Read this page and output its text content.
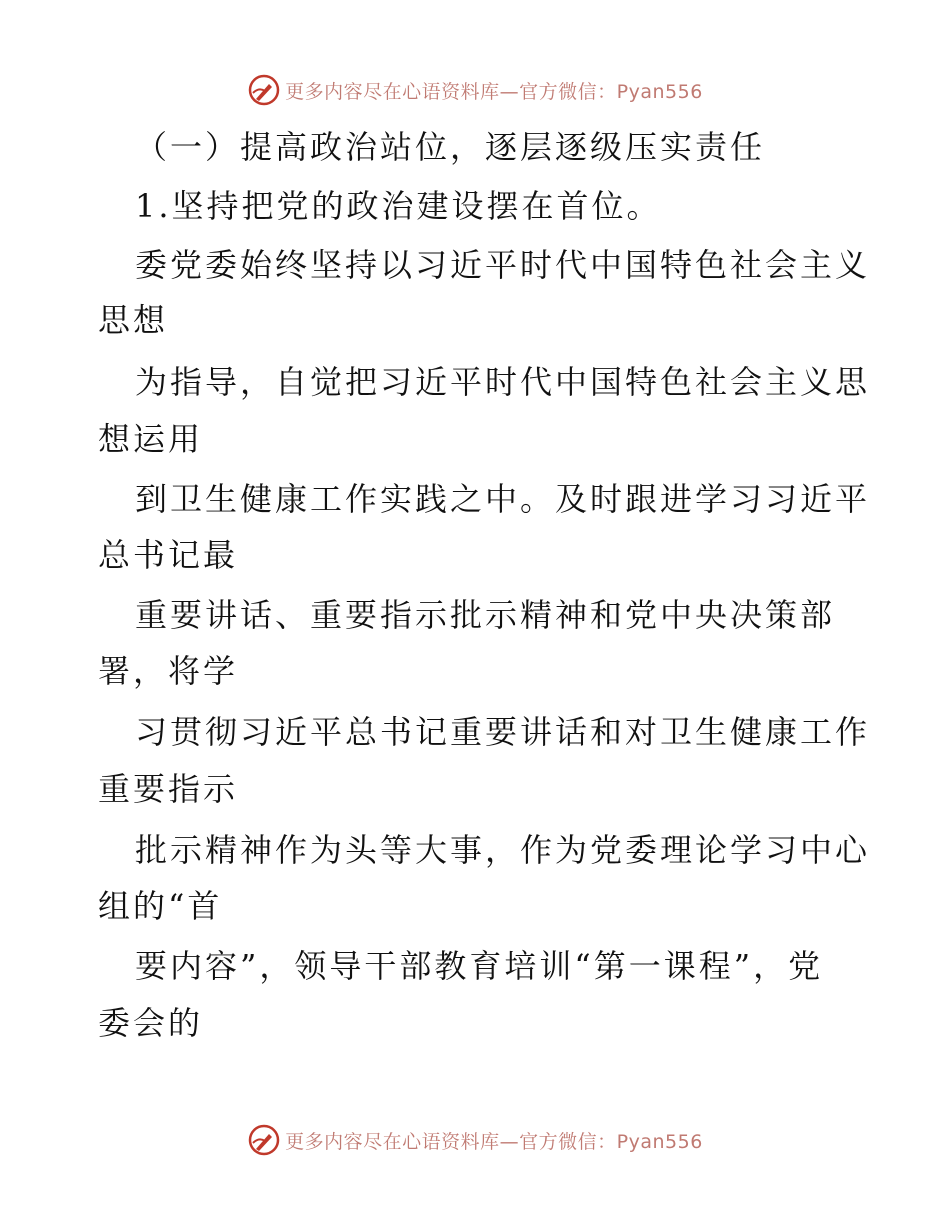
更多内容尽在心语资料库—官方微信：Pyan556
（一）提高政治站位，逐层逐级压实责任
1.坚持把党的政治建设摆在首位。
委党委始终坚持以习近平时代中国特色社会主义
思想
为指导，自觉把习近平时代中国特色社会主义思
想运用
到卫生健康工作实践之中。及时跟进学习习近平
总书记最
重要讲话、重要指示批示精神和党中央决策部
署，将学
习贯彻习近平总书记重要讲话和对卫生健康工作
重要指示
批示精神作为头等大事，作为党委理论学习中心
组的“首
要内容”，领导干部教育培训“第一课程”，党
委会的
更多内容尽在心语资料库—官方微信：Pyan556
